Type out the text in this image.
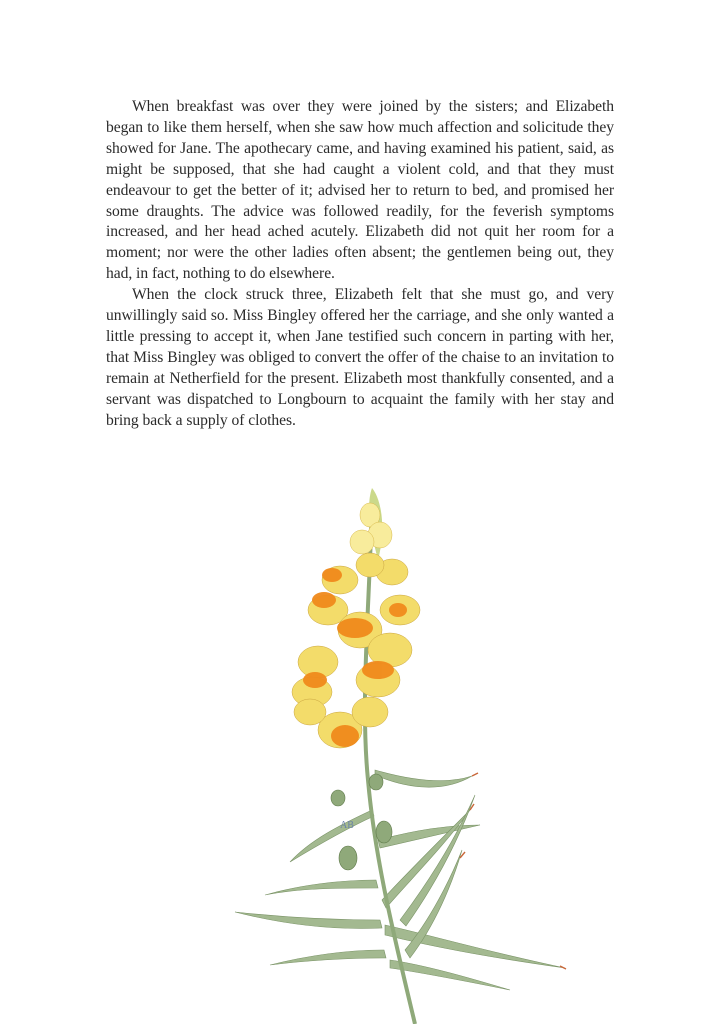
When breakfast was over they were joined by the sisters; and Elizabeth began to like them herself, when she saw how much affection and solicitude they showed for Jane. The apothecary came, and having examined his patient, said, as might be supposed, that she had caught a violent cold, and that they must endeavour to get the better of it; advised her to return to bed, and promised her some draughts. The advice was followed readily, for the feverish symptoms increased, and her head ached acutely. Elizabeth did not quit her room for a moment; nor were the other ladies often absent; the gentlemen being out, they had, in fact, nothing to do elsewhere.

When the clock struck three, Elizabeth felt that she must go, and very unwillingly said so. Miss Bingley offered her the carriage, and she only wanted a little pressing to accept it, when Jane testified such concern in parting with her, that Miss Bingley was obliged to convert the offer of the chaise to an invitation to remain at Netherfield for the present. Elizabeth most thankfully consented, and a servant was dispatched to Longbourn to acquaint the family with her stay and bring back a supply of clothes.

AB
